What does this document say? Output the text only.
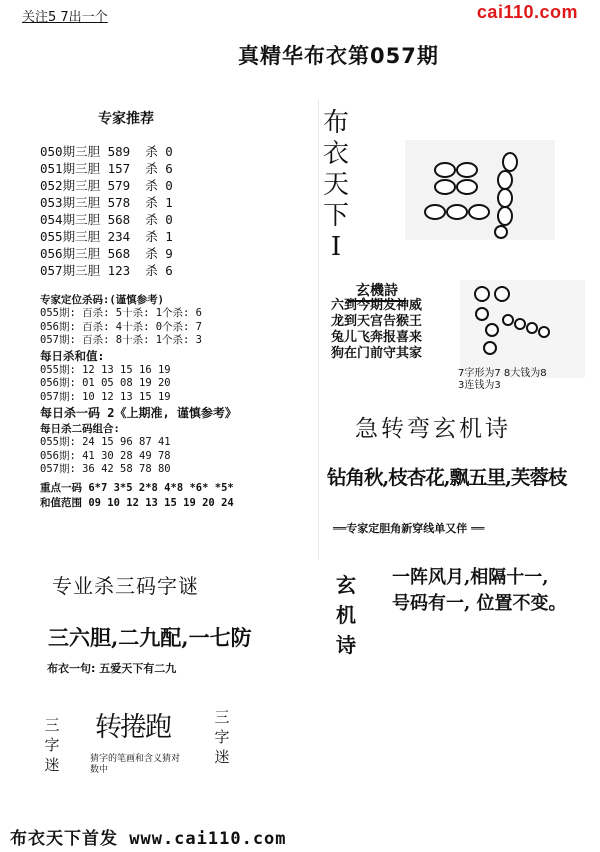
关注5 7出一个	cai110.com
真精华布衣第057期
专家推荐
050期三胆 589  杀 0
051期三胆 157  杀 6
052期三胆 579  杀 0
053期三胆 578  杀 1
054期三胆 568  杀 0
055期三胆 234  杀 1
056期三胆 568  杀 9
057期三胆 123  杀 6
专家定位杀码:(谨慎参考)
055期: 百杀: 5十杀: 1个杀: 6
056期: 百杀: 4十杀: 0个杀: 7
057期: 百杀: 8十杀: 1个杀: 3
每日杀和值:
055期: 12 13 15 16 19
056期: 01 05 08 19 20
057期: 10 12 13 15 19
每日杀一码 2《上期准, 谨慎参考》
每日杀二码组合:
055期: 24 15 96 87 41
056期: 41 30 28 49 78
057期: 36 42 58 78 80
重点一码 6*7 3*5 2*8 4*8 *6* *5*
和值范围 09 10 12 13 15 19 20 24
布
衣
天
下
I
玄機詩
六到今期发神威
龙到天宫告猴王
兔儿飞奔报喜来
狗在门前守其家
7字形为7 8大钱为8
3连钱为3
急转弯玄机诗
钻角秋,枝杏花,飘五里,芙蓉枝
══专家定胆角新穿线单又伴 ══
玄
机
诗
一阵风月,相隔十一,
号码有一, 位置不变。
专业杀三码字谜
三六胆,二九配,一七防
布衣一句: 五爱天下有二九
三
字
迷
转捲跑
猜字的笔画和含义猜对数中
三
字
迷
布衣天下首发 www.cai110.com
